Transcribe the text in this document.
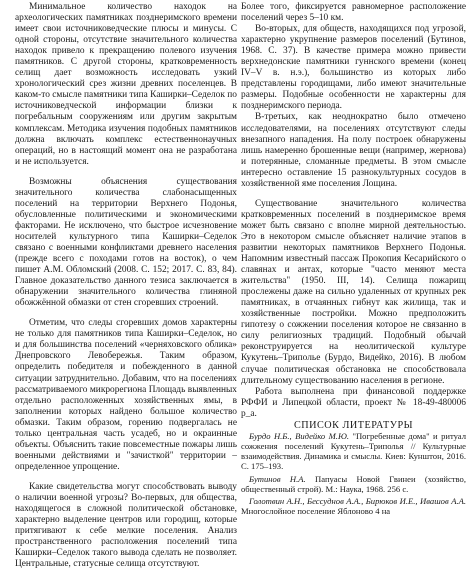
Минимальное количество находок на археологических памятниках позднеримского времени имеет свои источниковедческие плюсы и минусы. С одной стороны, отсутствие значительного количества находок привело к прекращению полевого изучения памятников. С другой стороны, кратковременность селищ дает возможность исследовать узкий хронологический срез жизни древних поселенцев. В каком-то смысле памятники типа Каширки–Седелок по источниковедческой информации близки к погребальным сооружениям или другим закрытым комплексам. Методика изучения подобных памятников должна включать комплекс естественнонаучных операций, но в настоящий момент она не разработана и не используется.

Возможны объяснения существования значительного количества слабонасыщенных поселений на территории Верхнего Подонья, обусловленные политическими и экономическими факторами. Не исключено, что быстрое исчезновение носителей культурного типа Каширки–Седелок связано с военными конфликтами древнего населения (прежде всего с походами готов на восток), о чем пишет А.М. Обломский (2008. С. 152; 2017. С. 83, 84). Главное доказательство данного тезиса заключается в обнаружении значительного количества глиняной обожжённой обмазки от стен сгоревших строений.

Отметим, что следы сгоревших домов характерны не только для памятников типа Каширки–Седелок, но и для большинства поселений «черняховского облика» Днепровского Левобережья. Таким образом, определить победителя и побежденного в данной ситуации затруднительно. Добавим, что на поселениях рассматриваемого микрорегиона Площадь выявленных отдельно расположенных хозяйственных ямы, в заполнении которых найдено большое количество обмазки. Таким образом, горению подвергалась не только центральная часть усадеб, но и окраинные объекты. Объяснить такие повсеместные пожары лишь военными действиями и "зачисткой" территории – определенное упрощение.

Какие свидетельства могут способствовать выводу о наличии военной угрозы? Во-первых, для общества, находящегося в сложной политической обстановке, характерно выделение центров или городищ, которые притягивают к себе мелкие поселения. Анализ пространственного расположения поселений типа Каширки–Седелок такого вывода сделать не позволяет. Центральные, статусные селища отсутствуют.

Более того, фиксируется равномерное расположение поселений через 5–10 км.

Во-вторых, для обществ, находящихся под угрозой, характерно укрупнение размеров поселений (Бутинов, 1968. С. 37). В качестве примера можно привести верхнедонские памятники гуннского времени (конец IV–V в. н.э.), большинство из которых либо представлены городищами, либо имеют значительные размеры. Подобные особенности не характерны для позднеримского периода.

В-третьих, как неоднократно было отмечено исследователями, на поселениях отсутствуют следы внезапного нападения. На полу построек обнаружены лишь намеренно брошенные вещи (например, жернова) и потерянные, сломанные предметы. В этом смысле интересно оставление 15 разнокультурных сосудов в хозяйственной яме поселения Лощина.

Существование значительного количества кратковременных поселений в позднеримское время может быть связано с вполне мирной деятельностью. Это в некотором смысле объясняет наличие этапов в развитии некоторых памятников Верхнего Подонья. Напомним известный пассаж Прокопия Кесарийского о славянах и антах, которые "часто меняют места жительства" (1950. III, 14). Селища пожарищ прослежены даже на сильно удаленных от крупных рек памятниках, в отчаянных гибнут как жилища, так и хозяйственные постройки. Можно предположить гипотезу о сожжении поселения которое не связанно в силу религиозных традиций. Подобный обычай реконструируется на неолитической культуре Кукутень–Триполье (Бурдо, Видейко, 2016). В любом случае политическая обстановка не способствовала длительному существованию населения в регионе.

Работа выполнена при финансовой поддержке РФФИ и Липецкой области, проект № 18-49-480006 р_а.

СПИСОК ЛИТЕРАТУРЫ

Бурдо Н.Б., Видейко М.Ю. "Погребенные дома" и ритуал сожжения поселений Кукутень–Триполья // Культурные взаимодействия. Динамика и смыслы. Киев: Кунштон, 2016. С. 175–193.

Бутинов Н.А. Папуасы Новой Гвинеи (хозяйство, общественный строй). М.: Наука, 1968. 256 с.

Голотвин А.Н., Бессуднов А.А., Бирюков И.Е., Ивашов А.А. Многослойное поселение Яблоново 4 на
